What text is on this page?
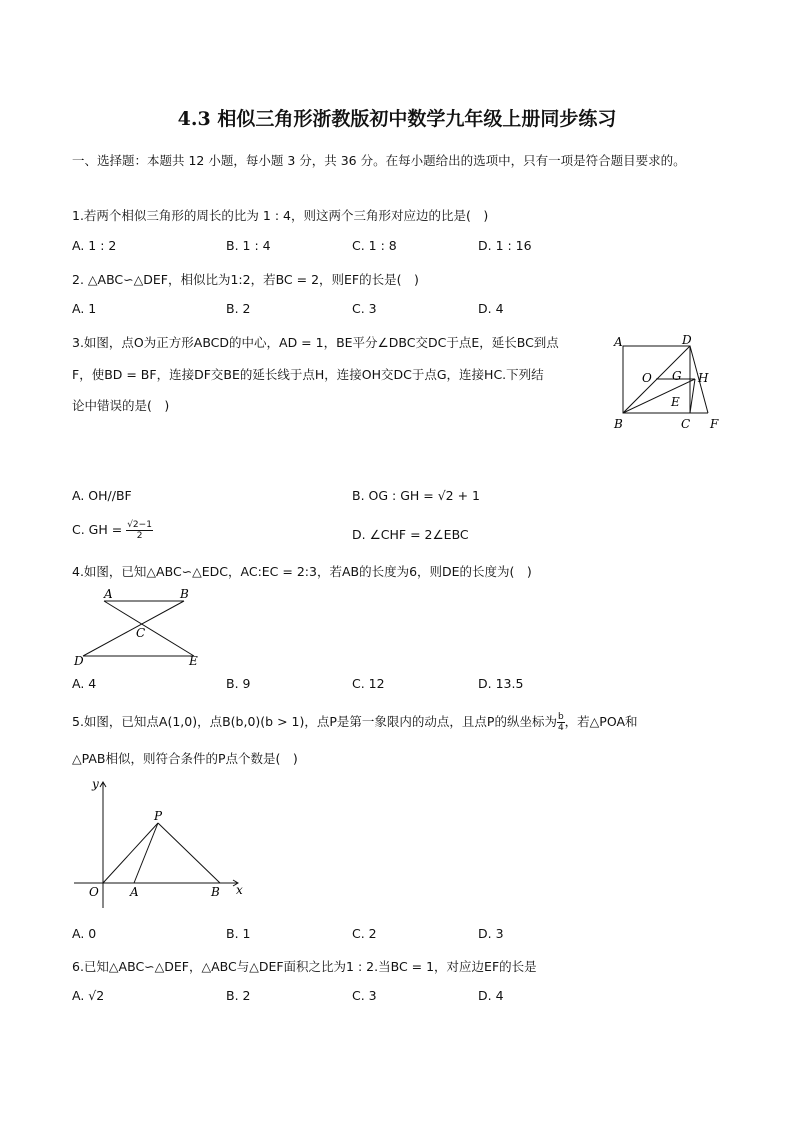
4.3 相似三角形浙教版初中数学九年级上册同步练习
一、选择题：本题共 12 小题，每小题 3 分，共 36 分。在每小题给出的选项中，只有一项是符合题目要求的。
1.若两个相似三角形的周长的比为 1 : 4，则这两个三角形对应边的比是(　)
A. 1 : 2	B. 1 : 4	C. 1 : 8	D. 1 : 16
2. △ABC∽△DEF，相似比为1:2，若BC = 2，则EF的长是(　)
A. 1	B. 2	C. 3	D. 4
3.如图，点O为正方形ABCD的中心，AD = 1，BE平分∠DBC交DC于点E，延长BC到点
F，使BD = BF，连接DF交BE的延长线于点H，连接OH交DC于点G，连接HC.下列结
论中错误的是(　)
A	D
O G H
E
B	C F
A. OH//BF	B. OG : GH = √2 + 1
C. GH = $\frac{√2-1}{2}$	D. ∠CHF = 2∠EBC
4.如图，已知△ABC∽△EDC，AC:EC = 2:3，若AB的长度为6，则DE的长度为(　)
A	B
C
D	E
A. 4	B. 9	C. 12	D. 13.5
5.如图，已知点A(1,0)，点B(b,0)(b > 1)，点P是第一象限内的动点，且点P的纵坐标为 $\frac{b}{4}$ ，若△POA和
△PAB相似，则符合条件的P点个数是(　)
y
P
O	A	B x
A. 0	B. 1	C. 2	D. 3
6.已知△ABC∽△DEF，△ABC与△DEF面积之比为1 : 2.当BC = 1，对应边EF的长是
A. √2	B. 2	C. 3	D. 4
